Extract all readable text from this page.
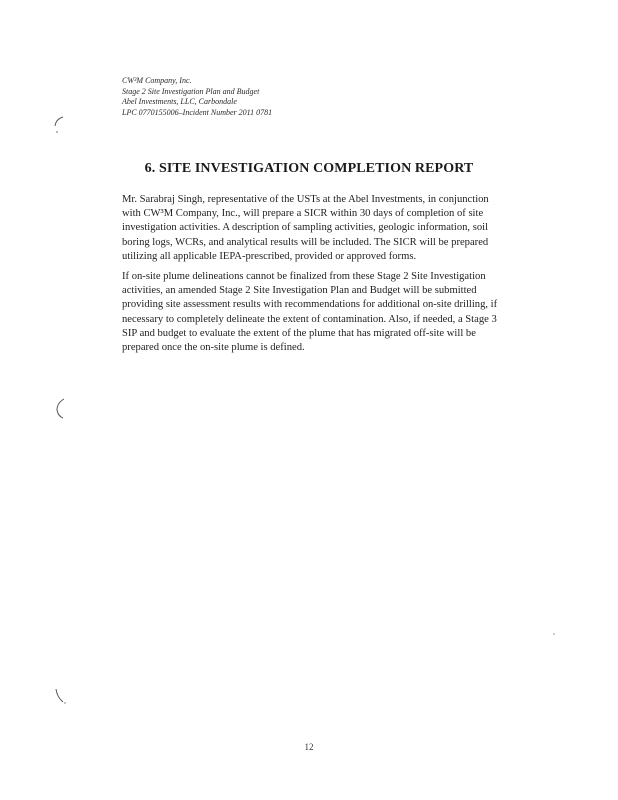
CW³M Company, Inc.
Stage 2 Site Investigation Plan and Budget
Abel Investments, LLC, Carbondale
LPC 0770155006–Incident Number 2011 0781
6. SITE INVESTIGATION COMPLETION REPORT
Mr. Sarabraj Singh, representative of the USTs at the Abel Investments, in conjunction
with CW³M Company, Inc., will prepare a SICR within 30 days of completion of site
investigation activities. A description of sampling activities, geologic information, soil
boring logs, WCRs, and analytical results will be included. The SICR will be prepared
utilizing all applicable IEPA-prescribed, provided or approved forms.
If on-site plume delineations cannot be finalized from these Stage 2 Site Investigation
activities, an amended Stage 2 Site Investigation Plan and Budget will be submitted
providing site assessment results with recommendations for additional on-site drilling, if
necessary to completely delineate the extent of contamination. Also, if needed, a Stage 3
SIP and budget to evaluate the extent of the plume that has migrated off-site will be
prepared once the on-site plume is defined.
12
